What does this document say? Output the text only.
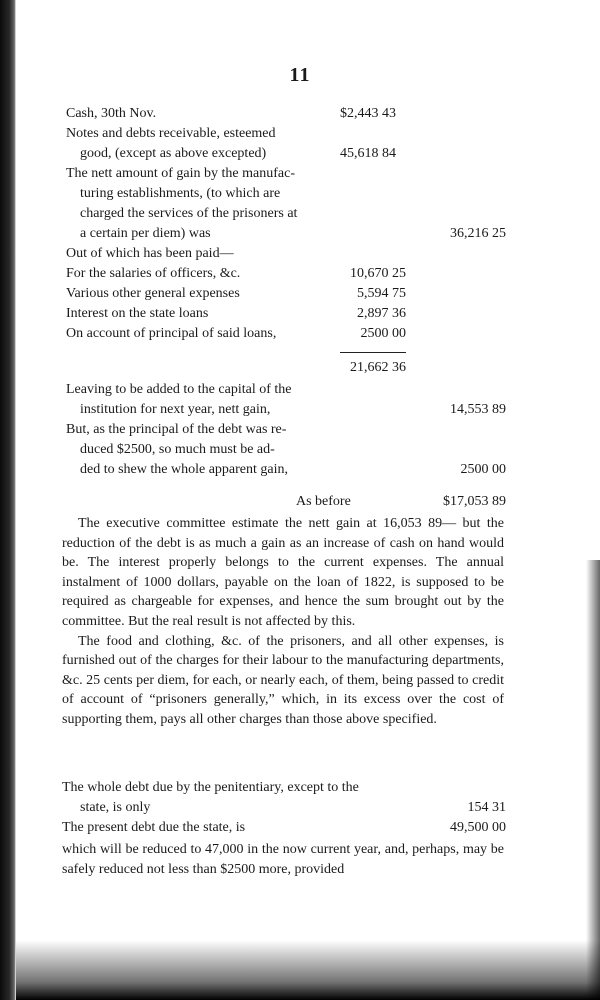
11
Cash, 30th Nov.	$2,443 43
Notes and debts receivable, esteemed
good, (except as above excepted)	45,618 84
The nett amount of gain by the manufac-
turing establishments, (to which are
charged the services of the prisoners at
a certain per diem) was	36,216 25
Out of which has been paid—
For the salaries of officers, &c.	10,670 25
Various other general expenses	5,594 75
Interest on the state loans	2,897 36
On account of principal of said loans,	2500 00
21,662 36
Leaving to be added to the capital of the
institution for next year, nett gain,	14,553 89
But, as the principal of the debt was re-
duced $2500, so much must be ad-
ded to shew the whole apparent gain,	2500 00
As before	$17,053 89

The executive committee estimate the nett gain at 16,053 89— but the reduction of the debt is as much a gain as an increase of cash on hand would be. The interest properly belongs to the current expenses. The annual instalment of 1000 dollars, payable on the loan of 1822, is supposed to be required as chargeable for expenses, and hence the sum brought out by the committee. But the real result is not affected by this.

The food and clothing, &c. of the prisoners, and all other expenses, is furnished out of the charges for their labour to the manufacturing departments, &c. 25 cents per diem, for each, or nearly each, of them, being passed to credit of account of “prisoners generally,” which, in its excess over the cost of supporting them, pays all other charges than those above specified.

The whole debt due by the penitentiary, except to the
state, is only	154 31
The present debt due the state, is	49,500 00

which will be reduced to 47,000 in the now current year, and, perhaps, may be safely reduced not less than $2500 more, provided
